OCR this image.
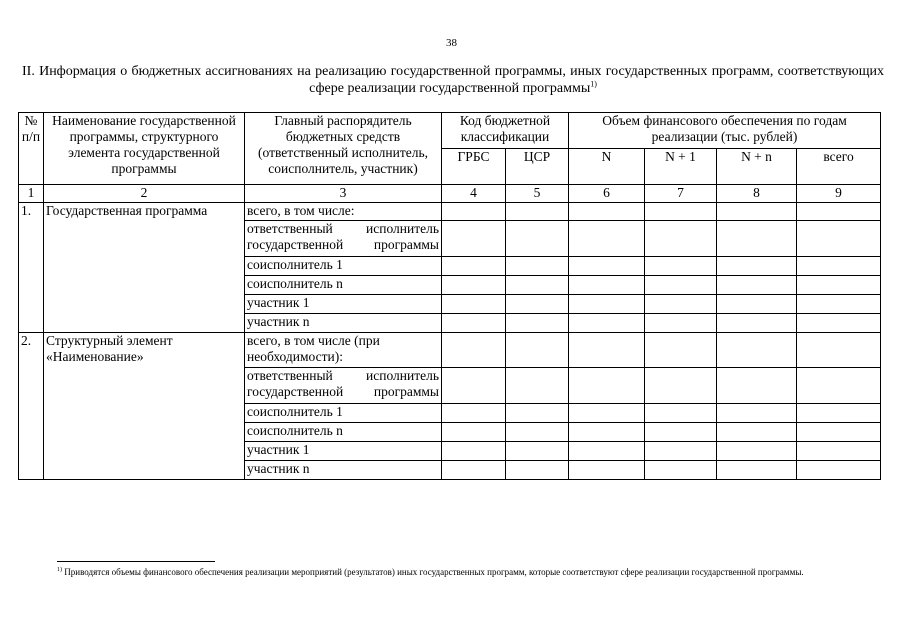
38
II. Информация о бюджетных ассигнованиях на реализацию государственной программы, иных государственных программ, соответствующих сфере реализации государственной программы$^{1)}$
№ п/п	Наименование государственной программы, структурного элемента государственной программы	Главный распорядитель бюджетных средств (ответственный исполнитель, соисполнитель, участник)	Код бюджетной классификации		Объем финансового обеспечения по годам реализации (тыс. рублей)			
			ГРБС	ЦСР	N	N + 1	N + n	всего
1	2	3	4	5	6	7	8	9
1.	Государственная программа	всего, в том числе:						
		ответственный исполнитель государственной программы						
		соисполнитель 1						
		соисполнитель n						
		участник 1						
		участник n						
2.	Структурный элемент «Наименование»	всего, в том числе (при необходимости):						
		ответственный исполнитель государственной программы						
		соисполнитель 1						
		соисполнитель n						
		участник 1						
		участник n						
$^{1)}$ Приводятся объемы финансового обеспечения реализации мероприятий (результатов) иных государственных программ, которые соответствуют сфере реализации государственной программы.
